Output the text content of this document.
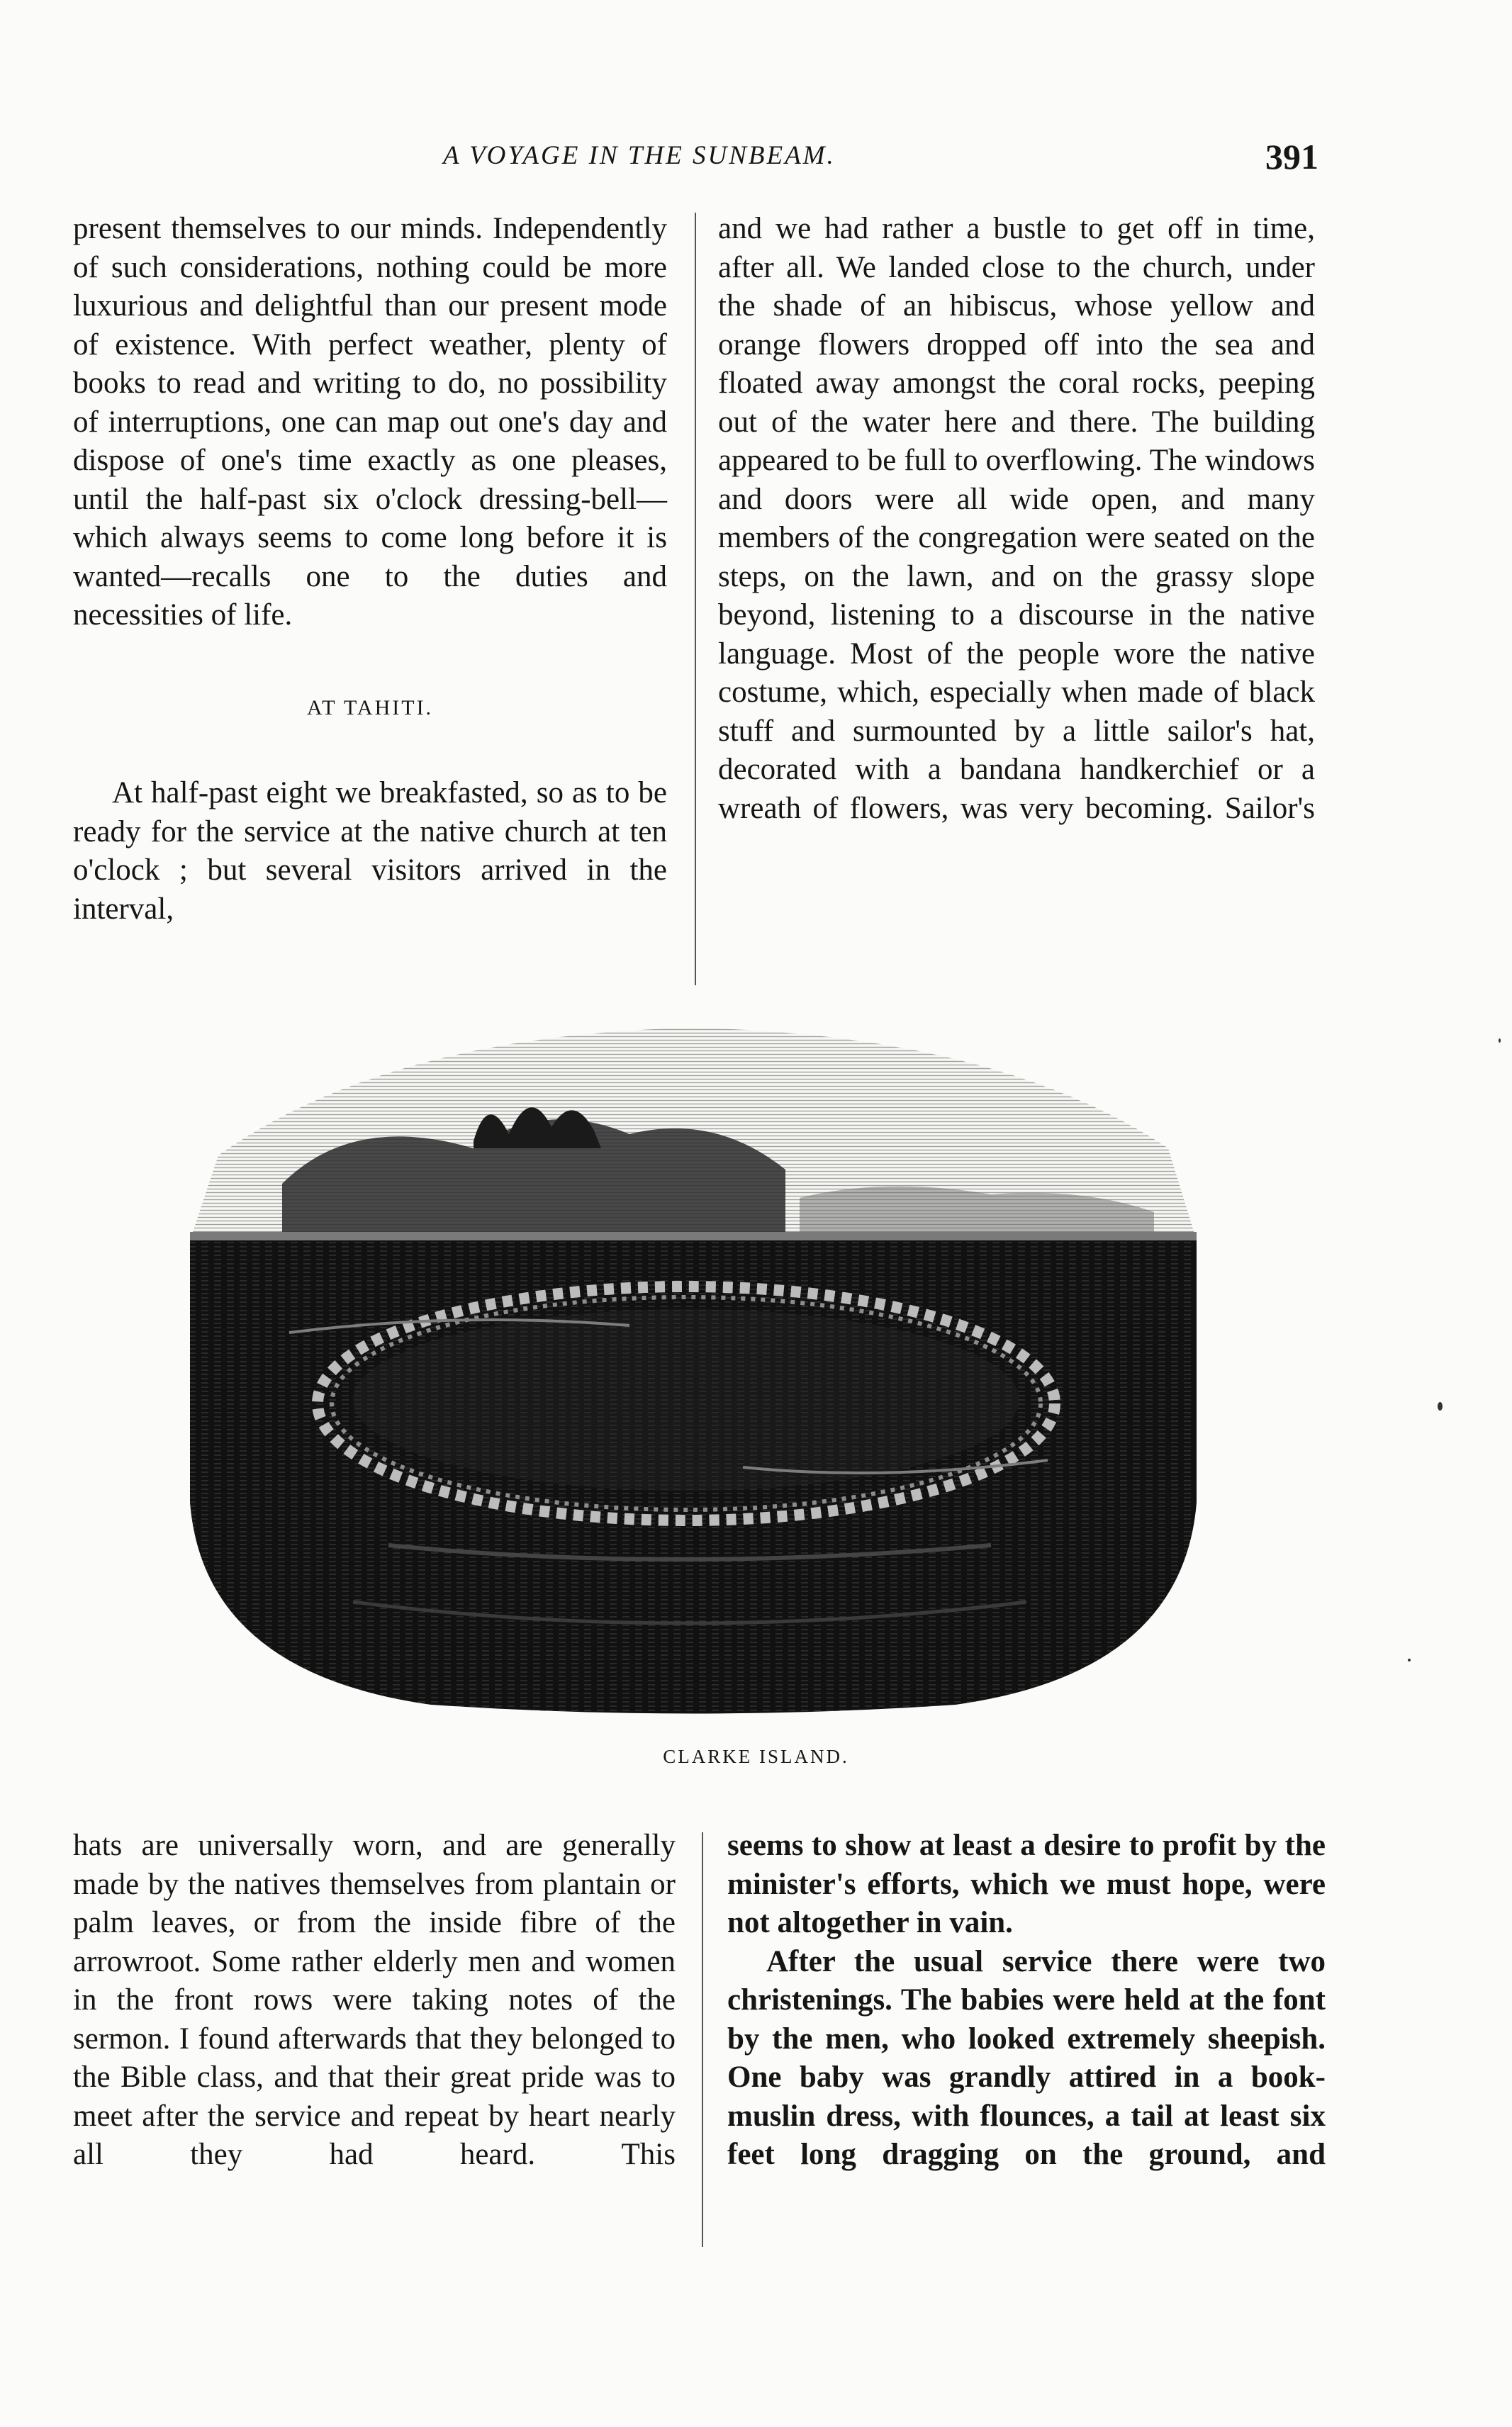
A VOYAGE IN THE SUNBEAM.	391

present themselves to our minds. Independently of such considerations, nothing could be more luxurious and delightful than our present mode of existence. With perfect weather, plenty of books to read and writing to do, no possibility of interruptions, one can map out one's day and dispose of one's time exactly as one pleases, until the half-past six o'clock dressing-bell—which always seems to come long before it is wanted—recalls one to the duties and necessities of life.

AT TAHITI.

At half-past eight we breakfasted, so as to be ready for the service at the native church at ten o'clock ; but several visitors arrived in the interval,

and we had rather a bustle to get off in time, after all. We landed close to the church, under the shade of an hibiscus, whose yellow and orange flowers dropped off into the sea and floated away amongst the coral rocks, peeping out of the water here and there. The building appeared to be full to overflowing. The windows and doors were all wide open, and many members of the congregation were seated on the steps, on the lawn, and on the grassy slope beyond, listening to a discourse in the native language. Most of the people wore the native costume, which, especially when made of black stuff and surmounted by a little sailor's hat, decorated with a bandana handkerchief or a wreath of flowers, was very becoming. Sailor's

CLARKE ISLAND.

hats are universally worn, and are generally made by the natives themselves from plantain or palm leaves, or from the inside fibre of the arrowroot. Some rather elderly men and women in the front rows were taking notes of the sermon. I found afterwards that they belonged to the Bible class, and that their great pride was to meet after the service and repeat by heart nearly all they had heard. This

seems to show at least a desire to profit by the minister's efforts, which we must hope, were not altogether in vain.

After the usual service there were two christenings. The babies were held at the font by the men, who looked extremely sheepish. One baby was grandly attired in a book-muslin dress, with flounces, a tail at least six feet long dragging on the ground, and
